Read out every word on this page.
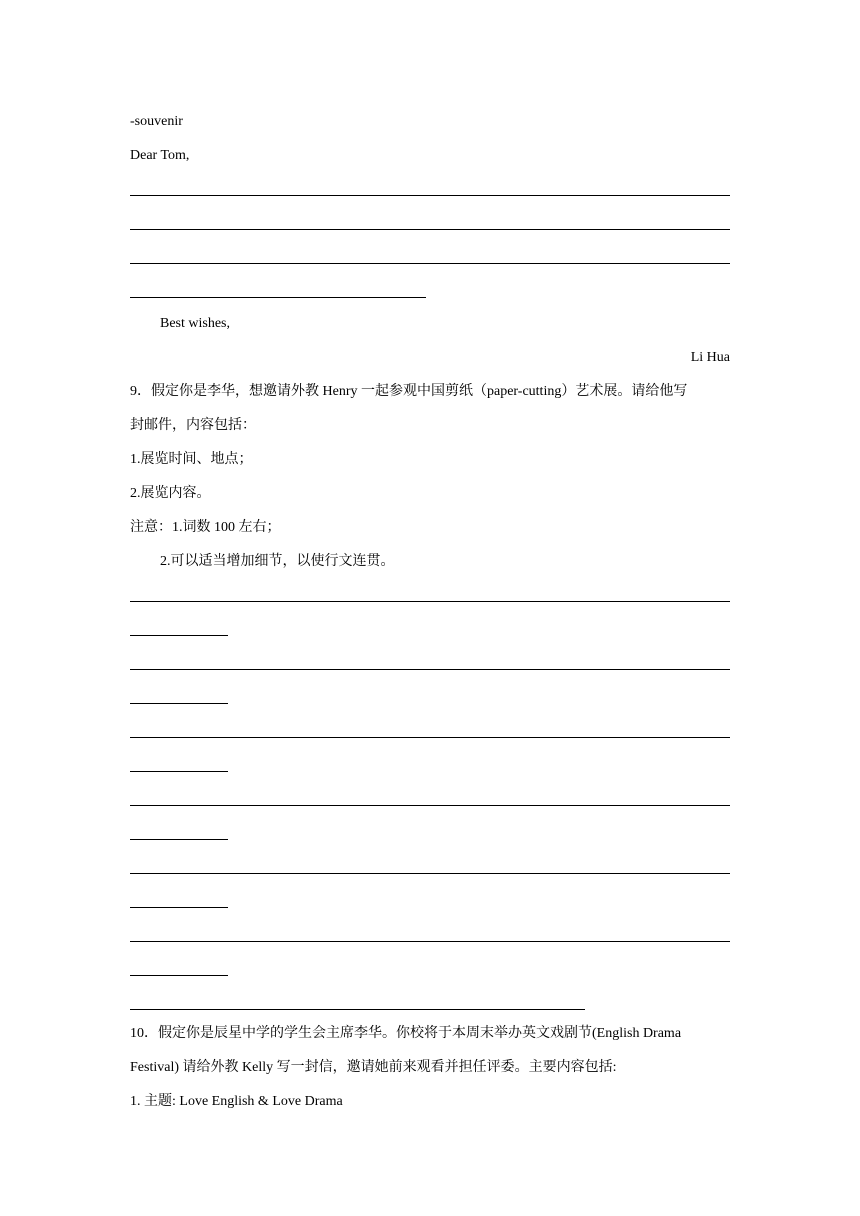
-souvenir
Dear Tom,
Best wishes,
Li Hua
9．假定你是李华，想邀请外教 Henry 一起参观中国剪纸（paper-cutting）艺术展。请给他写
封邮件，内容包括：
1.展览时间、地点；
2.展览内容。
注意：1.词数 100 左右；
2.可以适当增加细节，以使行文连贯。
10．假定你是辰星中学的学生会主席李华。你校将于本周末举办英文戏剧节(English Drama
Festival) 请给外教 Kelly 写一封信，邀请她前来观看并担任评委。主要内容包括:
1. 主题: Love English & Love Drama
